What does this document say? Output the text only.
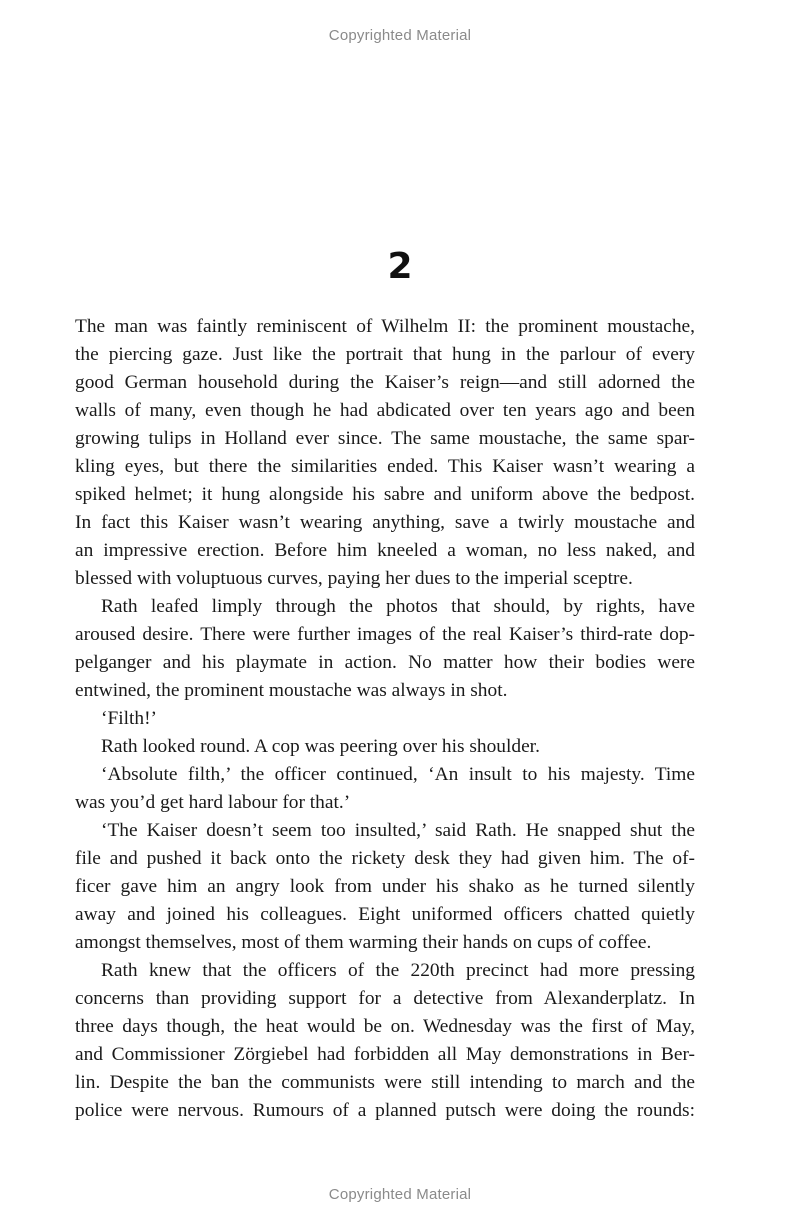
Copyrighted Material
2

The man was faintly reminiscent of Wilhelm II: the prominent moustache,
the piercing gaze. Just like the portrait that hung in the parlour of every
good German household during the Kaiser’s reign—and still adorned the
walls of many, even though he had abdicated over ten years ago and been
growing tulips in Holland ever since. The same moustache, the same spar-
kling eyes, but there the similarities ended. This Kaiser wasn’t wearing a
spiked helmet; it hung alongside his sabre and uniform above the bedpost.
In fact this Kaiser wasn’t wearing anything, save a twirly moustache and
an impressive erection. Before him kneeled a woman, no less naked, and
blessed with voluptuous curves, paying her dues to the imperial sceptre.

Rath leafed limply through the photos that should, by rights, have
aroused desire. There were further images of the real Kaiser’s third-rate dop-
pelganger and his playmate in action. No matter how their bodies were
entwined, the prominent moustache was always in shot.

‘Filth!’

Rath looked round. A cop was peering over his shoulder.

‘Absolute filth,’ the officer continued, ‘An insult to his majesty. Time
was you’d get hard labour for that.’

‘The Kaiser doesn’t seem too insulted,’ said Rath. He snapped shut the
file and pushed it back onto the rickety desk they had given him. The of-
ficer gave him an angry look from under his shako as he turned silently
away and joined his colleagues. Eight uniformed officers chatted quietly
amongst themselves, most of them warming their hands on cups of coffee.

Rath knew that the officers of the 220th precinct had more pressing
concerns than providing support for a detective from Alexanderplatz. In
three days though, the heat would be on. Wednesday was the first of May,
and Commissioner Zörgiebel had forbidden all May demonstrations in Ber-
lin. Despite the ban the communists were still intending to march and the
police were nervous. Rumours of a planned putsch were doing the rounds:

Copyrighted Material
